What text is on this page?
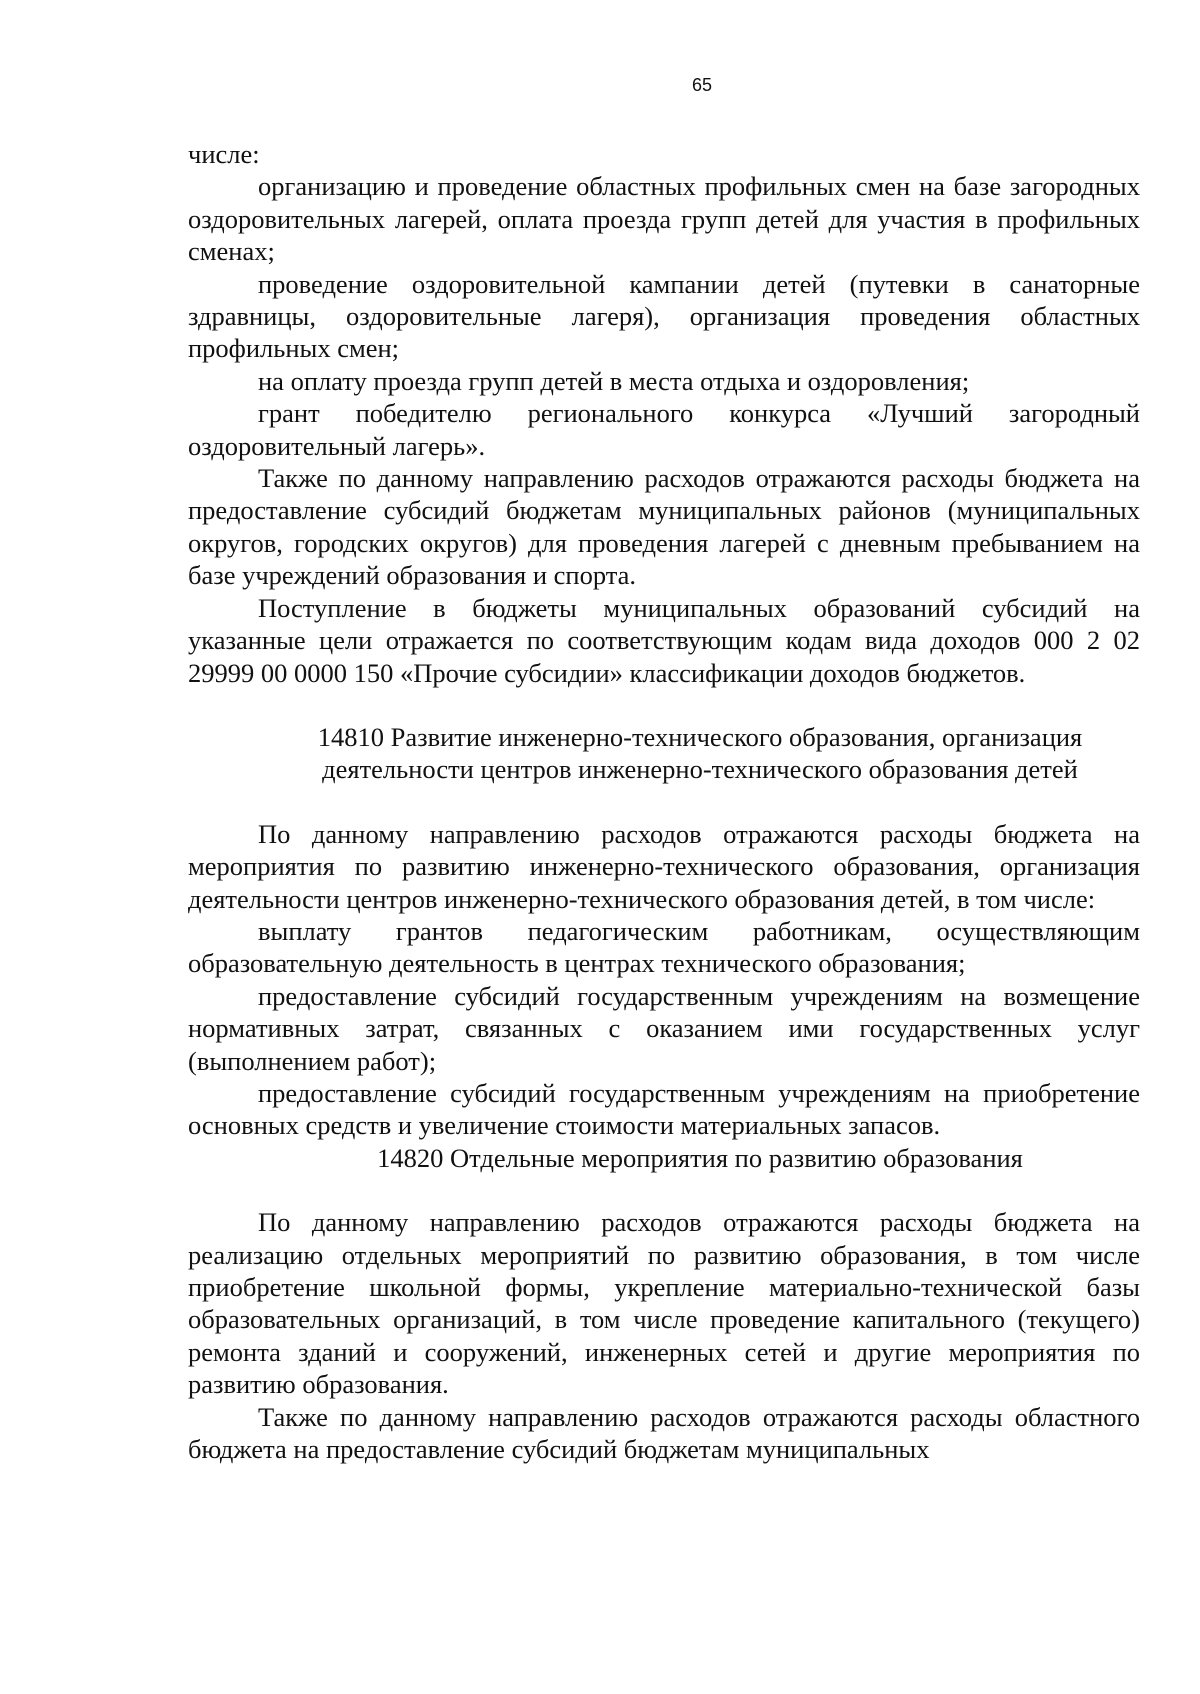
65

числе:

организацию и проведение областных профильных смен на базе загородных оздоровительных лагерей, оплата проезда групп детей для участия в профильных сменах;

проведение оздоровительной кампании детей (путевки в санаторные здравницы, оздоровительные лагеря), организация проведения областных профильных смен;

на оплату проезда групп детей в места отдыха и оздоровления;

грант победителю регионального конкурса «Лучший загородный оздоровительный лагерь».

Также по данному направлению расходов отражаются расходы бюджета на предоставление субсидий бюджетам муниципальных районов (муниципальных округов, городских округов) для проведения лагерей с дневным пребыванием на базе учреждений образования и спорта.

Поступление в бюджеты муниципальных образований субсидий на указанные цели отражается по соответствующим кодам вида доходов 000 2 02 29999 00 0000 150 «Прочие субсидии» классификации доходов бюджетов.

14810 Развитие инженерно-технического образования, организация
деятельности центров инженерно-технического образования детей

По данному направлению расходов отражаются расходы бюджета на мероприятия по развитию инженерно-технического образования, организация деятельности центров инженерно-технического образования детей, в том числе:

выплату грантов педагогическим работникам, осуществляющим образовательную деятельность в центрах технического образования;

предоставление субсидий государственным учреждениям на возмещение нормативных затрат, связанных с оказанием ими государственных услуг (выполнением работ);

предоставление субсидий государственным учреждениям на приобретение основных средств и увеличение стоимости материальных запасов.

14820 Отдельные мероприятия по развитию образования

По данному направлению расходов отражаются расходы бюджета на реализацию отдельных мероприятий по развитию образования, в том числе приобретение школьной формы, укрепление материально-технической базы образовательных организаций, в том числе проведение капитального (текущего) ремонта зданий и сооружений, инженерных сетей и другие мероприятия по развитию образования.

Также по данному направлению расходов отражаются расходы областного бюджета на предоставление субсидий бюджетам муниципальных
